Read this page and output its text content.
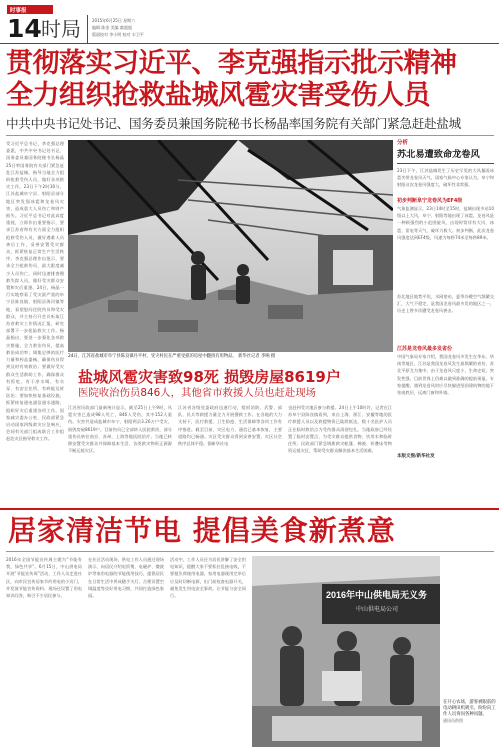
时事报
14 时局	2015年6月25日 星期六
编辑 陈金 美编 翁超超
版面校对 李小明 校对 丰卫平
贯彻落实习近平、李克强指示批示精神
全力组织抢救盐城风雹灾害受伤人员
中共中央书记处书记、国务委员兼国务院秘书长杨晶率国务院有关部门紧急赶赴盐城
受习近平总书记、李克强总理委派，中共中央书记处书记、国务委员兼国务院秘书长杨晶25日率国务院有关部门紧急赶赴江苏盐城，指导当地全力组织抢救受伤人员，做好各项救灾工作。23日下午2时30分，江苏盐城阜宁县、射阳县部分地区突发强冰雹和龙卷风灾害，造成重大人员伤亡和财产损失。习近平总书记对此高度重视，立即作出重要指示，要求江苏省和有关方面全力组织抢救受伤人员，做好遇难人员善后工作，妥善安置受灾群众，抓紧恢复正常生产生活秩序。李克强总理作出批示，要求全力抢救伤员，最大限度减少人员伤亡，同时迅速排查搜救失踪人员，做好受灾群众安置和灾后重建。24日，杨晶一行实地察看了受灾最严重的阜宁县陈良镇、射阳县海河镇等地，看望慰问住院伤员和受灾群众，并主持召开会议听取江苏省救灾工作情况汇报，研究部署下一步抢险救灾工作。杨晶指出，要进一步强化各项救灾措施，全力救治伤员，提高救治成功率；调集足够的医疗力量和药品器械，确保伤员得到及时有效救治；要做好受灾群众生活救助工作，确保群众有饭吃、有干净水喝、有衣穿、有安全住所、有病能及时医治；要加快恢复基础设施，抓紧恢复通电通信通水通路，组织好灾后重建各项工作。国家减灾委办公室、民政部紧急启动国家四级救灾应急响应，会同有关部门组成联合工作组赶赴灾区指导救灾工作。
24日，江苏省盐城市阜宁县陈良镇丹平村，受灾村民在严重受损的房屋中翻找有用物品。 新华社记者 李响 摄
盐城风雹灾害致98死 损毁房屋8619户
医院收治伤员846人，其他省市救援人员也赶赴现场
江苏省民政部门最新统计显示，截至25日上午9时，风雹灾害已造成98人死亡，846人受伤，其中152人重伤。灾害共造成盐城市阜宁、射阳两县3.26万户受灾，损毁房屋8619户。目前伤员已全部转入医院救治，部分重伤员转往南京、苏州、上海等地医院治疗。当地已转移安置受灾群众并保障基本生活，各类救灾物资正源源不断运抵灾区。
江苏省各级党委政府迅速行动，组织消防、武警、部队、民兵等救援力量全力开展搜救工作。在各地的大力支持下，医疗救援、卫生防疫、生活保障等各项工作有序推进。截至目前，灾区电力、通信已基本恢复，主要道路均已畅通。灾区受灾群众得到妥善安置，灾区社会秩序总体平稳。据新华社电
也赶到受灾地区参与救援。24日上午10时许，记者在江苏阜宁县陈良镇看到，来自上海、浙江、安徽等地的医疗救援人员以及救援物资已陆续抵达，数十名医护人员正在临时救治点为受伤群众清创包扎。当地政府已经设置了临时安置点，为受灾群众提供食物、饮用水和临时住所。民政部门紧急调拨救灾帐篷、棉被、折叠床等物资运抵灾区，帮助受灾群众解决基本生活困难。
分析
苏北易遭致命龙卷风
23日下午，江苏盐城发生了历史罕见的大风暴雨冰雹夹带龙卷风天气。国家气候中心专家认为，阜宁和射阳这次龙卷风强度大，破坏性非常强。
初步判断阜宁龙卷风为EF4级
气象监测显示，23日14时至15时，盐城出现多站10级以上大风，阜宁、射阳等地出现了冰雹。龙卷风是一种极强烈的小范围旋风，出现时常伴有大风、冰雹、雷电等天气，破坏力极大。初步判断，此次龙卷风强度达到EF4级，风速为每秒74米至每秒89米。
苏北地区地势平坦，水网密布，夏季冷暖空气频繁交汇，大气不稳定，是我国龙卷风最多发的地区之一，历史上曾多次遭受龙卷风袭击。
江苏是龙卷风最多发省份
中国气象局专家介绍，我国龙卷风多发生在华东、华南等地区，江苏是我国龙卷风发生最频繁的省份，苏北平原尤为集中。由于龙卷风尺度小、生命史短、突发性强，目前世界上仍难以做到准确的提前预报。专家提醒，遇到龙卷风时应尽快躲进坚固建筑物的地下室或底层，远离门窗和外墙。
本版文图/新华社发
居家清洁节电 提倡美食新煮意
2016年全国节能宣传周主题为“节能有我，绿色共享”。6月15日，中山供电局开展“节能宣传周”活动，工作人员走进社区，向市民宣传居家节约用电的小窍门，并发放节能宣传资料。现场还设置了用电知识问答，吸引不少居民参与。
在社区活动现场，供电工作人员通过现场演示，向居民介绍电饭煲、电磁炉、微波炉等家用电器的节能使用技巧，提倡居民在日常生活中养成随手关灯、合理设置空调温度等良好用电习惯，共同打造绿色家园。
活动中，工作人员还为居民讲解了安全用电知识，提醒大家不要私拉乱接电线，不要超负荷使用电器，家用电器使用完毕后应及时切断电源，出门前检查电器开关，避免发生用电安全事故，让节能与安全同行。	2016年中山供电局无义务
中山供电局公司
在开心农场，游客被眼前的电动耕田机吸引，纷纷向工作人员询问各种问题。
通讯员供图
